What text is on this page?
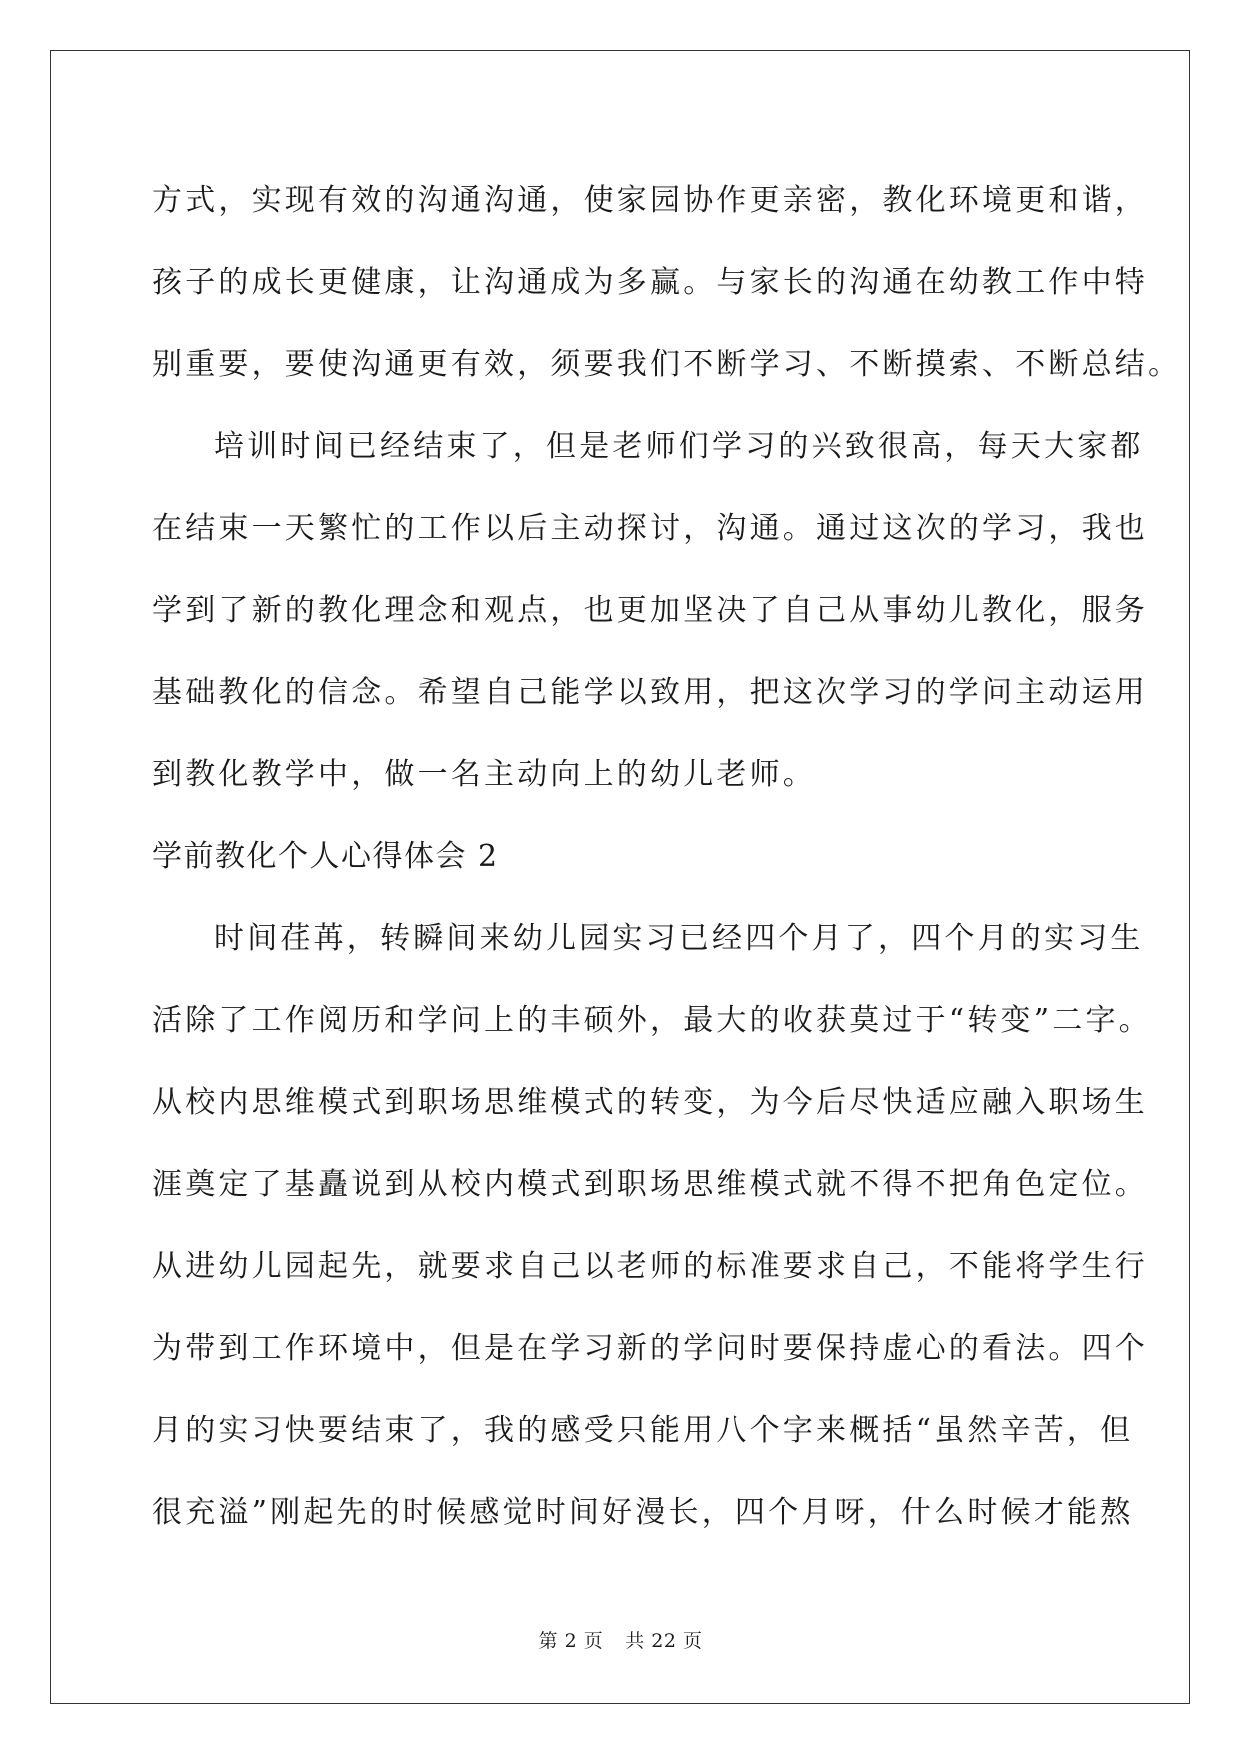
方式，实现有效的沟通沟通，使家园协作更亲密，教化环境更和谐，
孩子的成长更健康，让沟通成为多赢。与家长的沟通在幼教工作中特
别重要，要使沟通更有效，须要我们不断学习、不断摸索、不断总结。
培训时间已经结束了，但是老师们学习的兴致很高，每天大家都
在结束一天繁忙的工作以后主动探讨，沟通。通过这次的学习，我也
学到了新的教化理念和观点，也更加坚决了自己从事幼儿教化，服务
基础教化的信念。希望自己能学以致用，把这次学习的学问主动运用
到教化教学中，做一名主动向上的幼儿老师。
学前教化个人心得体会 2
时间荏苒，转瞬间来幼儿园实习已经四个月了，四个月的实习生
活除了工作阅历和学问上的丰硕外，最大的收获莫过于“转变”二字。
从校内思维模式到职场思维模式的转变，为今后尽快适应融入职场生
涯奠定了基矗说到从校内模式到职场思维模式就不得不把角色定位。
从进幼儿园起先，就要求自己以老师的标准要求自己，不能将学生行
为带到工作环境中，但是在学习新的学问时要保持虚心的看法。四个
月的实习快要结束了，我的感受只能用八个字来概括“虽然辛苦，但
很充溢”刚起先的时候感觉时间好漫长，四个月呀，什么时候才能熬
第 2 页 共 22 页
